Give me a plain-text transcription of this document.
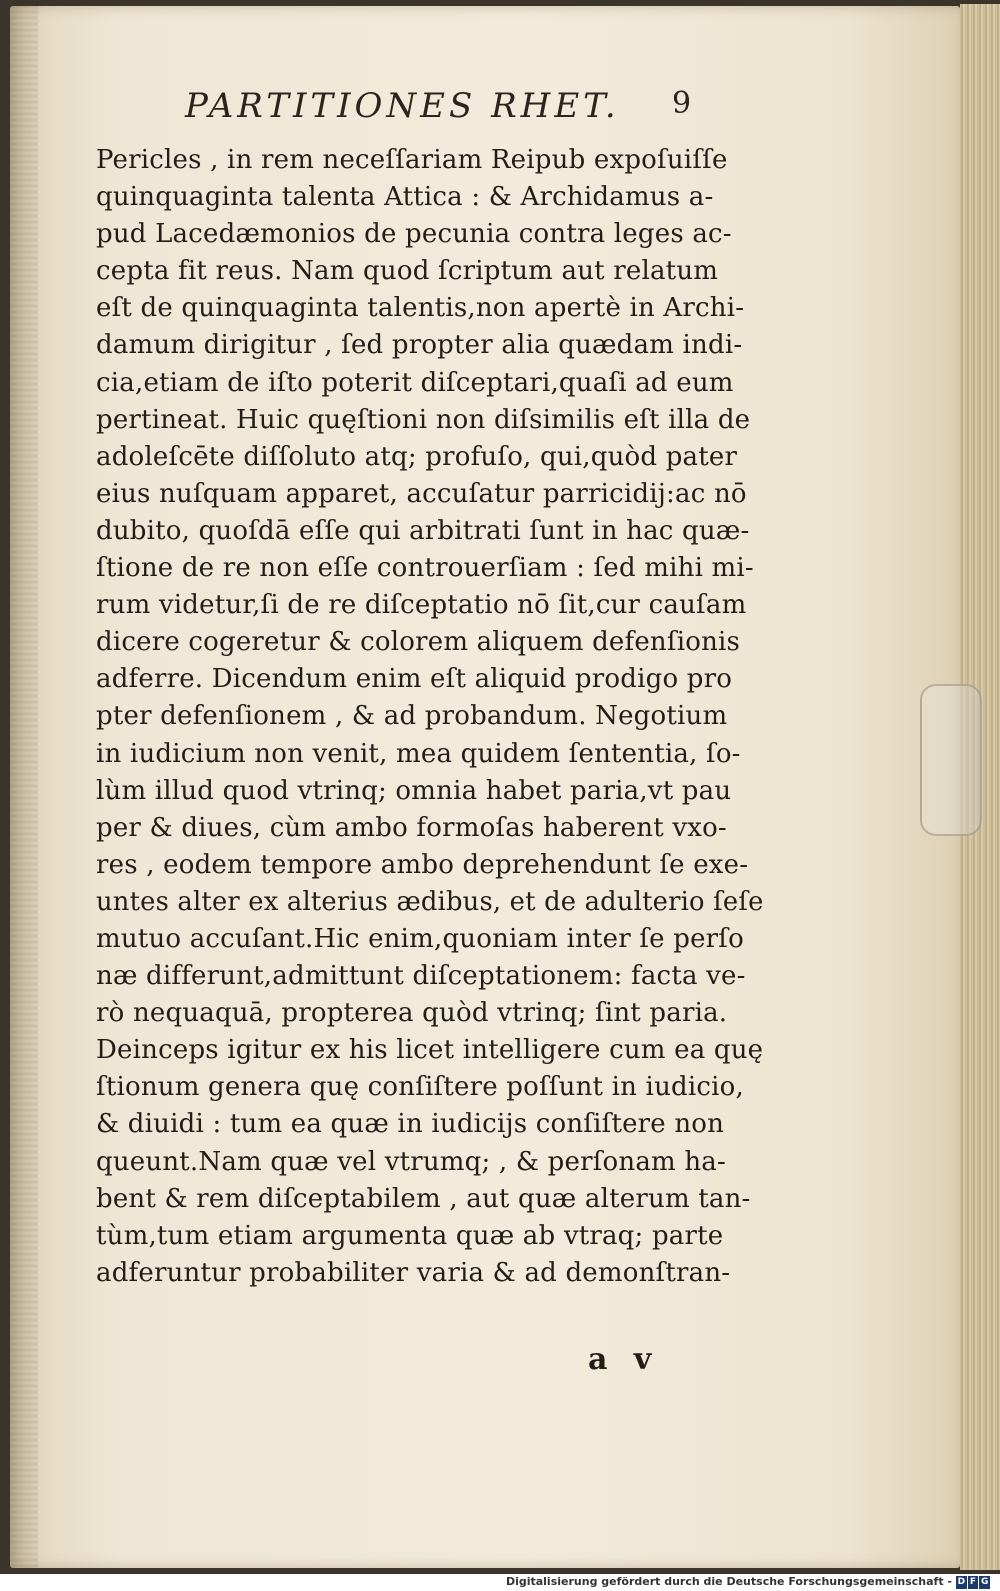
PARTITIONES RHET.	9
Pericles , in rem neceſſariam Reipub expoſuiſſe
quinquaginta talenta Attica : & Archidamus a-
pud Lacedæmonios de pecunia contra leges ac-
cepta fit reus. Nam quod ſcriptum aut relatum
eſt de quinquaginta talentis,non apertè in Archi-
damum dirigitur , ſed propter alia quædam indi-
cia,etiam de iſto poterit diſceptari,quaſi ad eum
pertineat. Huic quęſtioni non diſsimilis eſt illa de
adoleſcēte diſſoluto atq; profuſo, qui,quòd pater
eius nuſquam apparet, accuſatur parricidij:ac nō
dubito, quoſdā eſſe qui arbitrati ſunt in hac quæ-
ſtione de re non eſſe controuerſiam : ſed mihi mi-
rum videtur,ſi de re diſceptatio nō ſit,cur cauſam
dicere cogeretur & colorem aliquem defenſionis
adferre. Dicendum enim eſt aliquid prodigo pro
pter defenſionem , & ad probandum. Negotium
in iudicium non venit, mea quidem ſententia, ſo-
lùm illud quod vtrinq; omnia habet paria,vt pau
per & diues, cùm ambo formoſas haberent vxo-
res , eodem tempore ambo deprehendunt ſe exe-
untes alter ex alterius ædibus, et de adulterio ſeſe
mutuo accuſant.Hic enim,quoniam inter ſe perſo
næ differunt,admittunt diſceptationem: facta ve-
rò nequaquā, propterea quòd vtrinq; ſint paria.
Deinceps igitur ex his licet intelligere cum ea quę
ſtionum genera quę conſiſtere poſſunt in iudicio,
& diuidi : tum ea quæ in iudicijs conſiſtere non
queunt.Nam quæ vel vtrumq; , & perſonam ha-
bent & rem diſceptabilem , aut quæ alterum tan-
tùm,tum etiam argumenta quæ ab vtraq; parte
adferuntur probabiliter varia & ad demonſtran-
a v
Digitalisierung gefördert durch die Deutsche Forschungsgemeinschaft - D F G
